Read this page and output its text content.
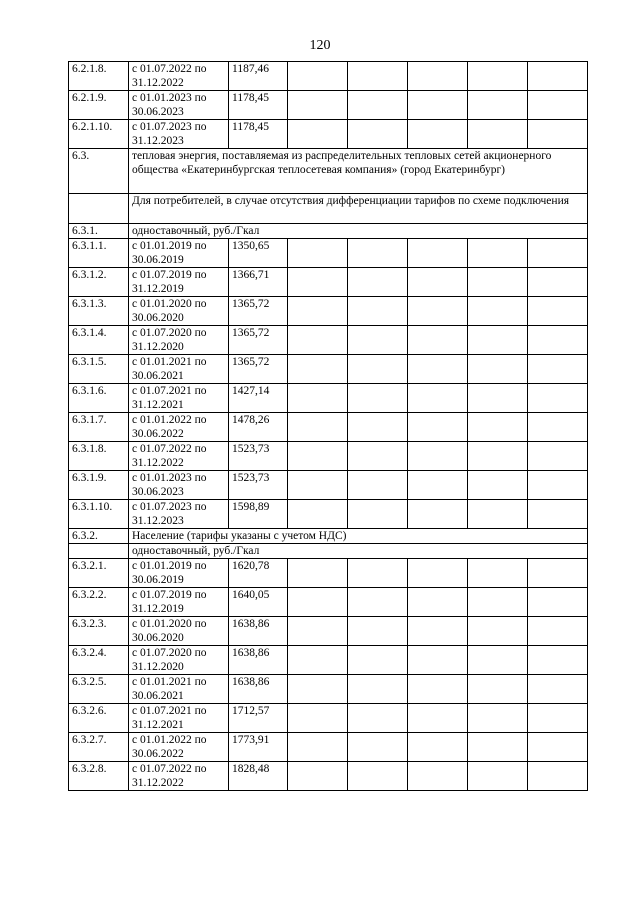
120
6.2.1.8.	с 01.07.2022 по 31.12.2022	1187,46					
6.2.1.9.	с 01.01.2023 по 30.06.2023	1178,45					
6.2.1.10.	с 01.07.2023 по 31.12.2023	1178,45					
6.3.	тепловая энергия, поставляемая из распределительных тепловых сетей акционерного общества «Екатеринбургская теплосетевая компания» (город Екатеринбург)						
	Для потребителей, в случае отсутствия дифференциации тарифов по схеме подключения						
6.3.1.	одноставочный, руб./Гкал						
6.3.1.1.	с 01.01.2019 по 30.06.2019	1350,65					
6.3.1.2.	с 01.07.2019 по 31.12.2019	1366,71					
6.3.1.3.	с 01.01.2020 по 30.06.2020	1365,72					
6.3.1.4.	с 01.07.2020 по 31.12.2020	1365,72					
6.3.1.5.	с 01.01.2021 по 30.06.2021	1365,72					
6.3.1.6.	с 01.07.2021 по 31.12.2021	1427,14					
6.3.1.7.	с 01.01.2022 по 30.06.2022	1478,26					
6.3.1.8.	с 01.07.2022 по 31.12.2022	1523,73					
6.3.1.9.	с 01.01.2023 по 30.06.2023	1523,73					
6.3.1.10.	с 01.07.2023 по 31.12.2023	1598,89					
6.3.2.	Население (тарифы указаны с учетом НДС)						
	одноставочный, руб./Гкал						
6.3.2.1.	с 01.01.2019 по 30.06.2019	1620,78					
6.3.2.2.	с 01.07.2019 по 31.12.2019	1640,05					
6.3.2.3.	с 01.01.2020 по 30.06.2020	1638,86					
6.3.2.4.	с 01.07.2020 по 31.12.2020	1638,86					
6.3.2.5.	с 01.01.2021 по 30.06.2021	1638,86					
6.3.2.6.	с 01.07.2021 по 31.12.2021	1712,57					
6.3.2.7.	с 01.01.2022 по 30.06.2022	1773,91					
6.3.2.8.	с 01.07.2022 по 31.12.2022	1828,48					
